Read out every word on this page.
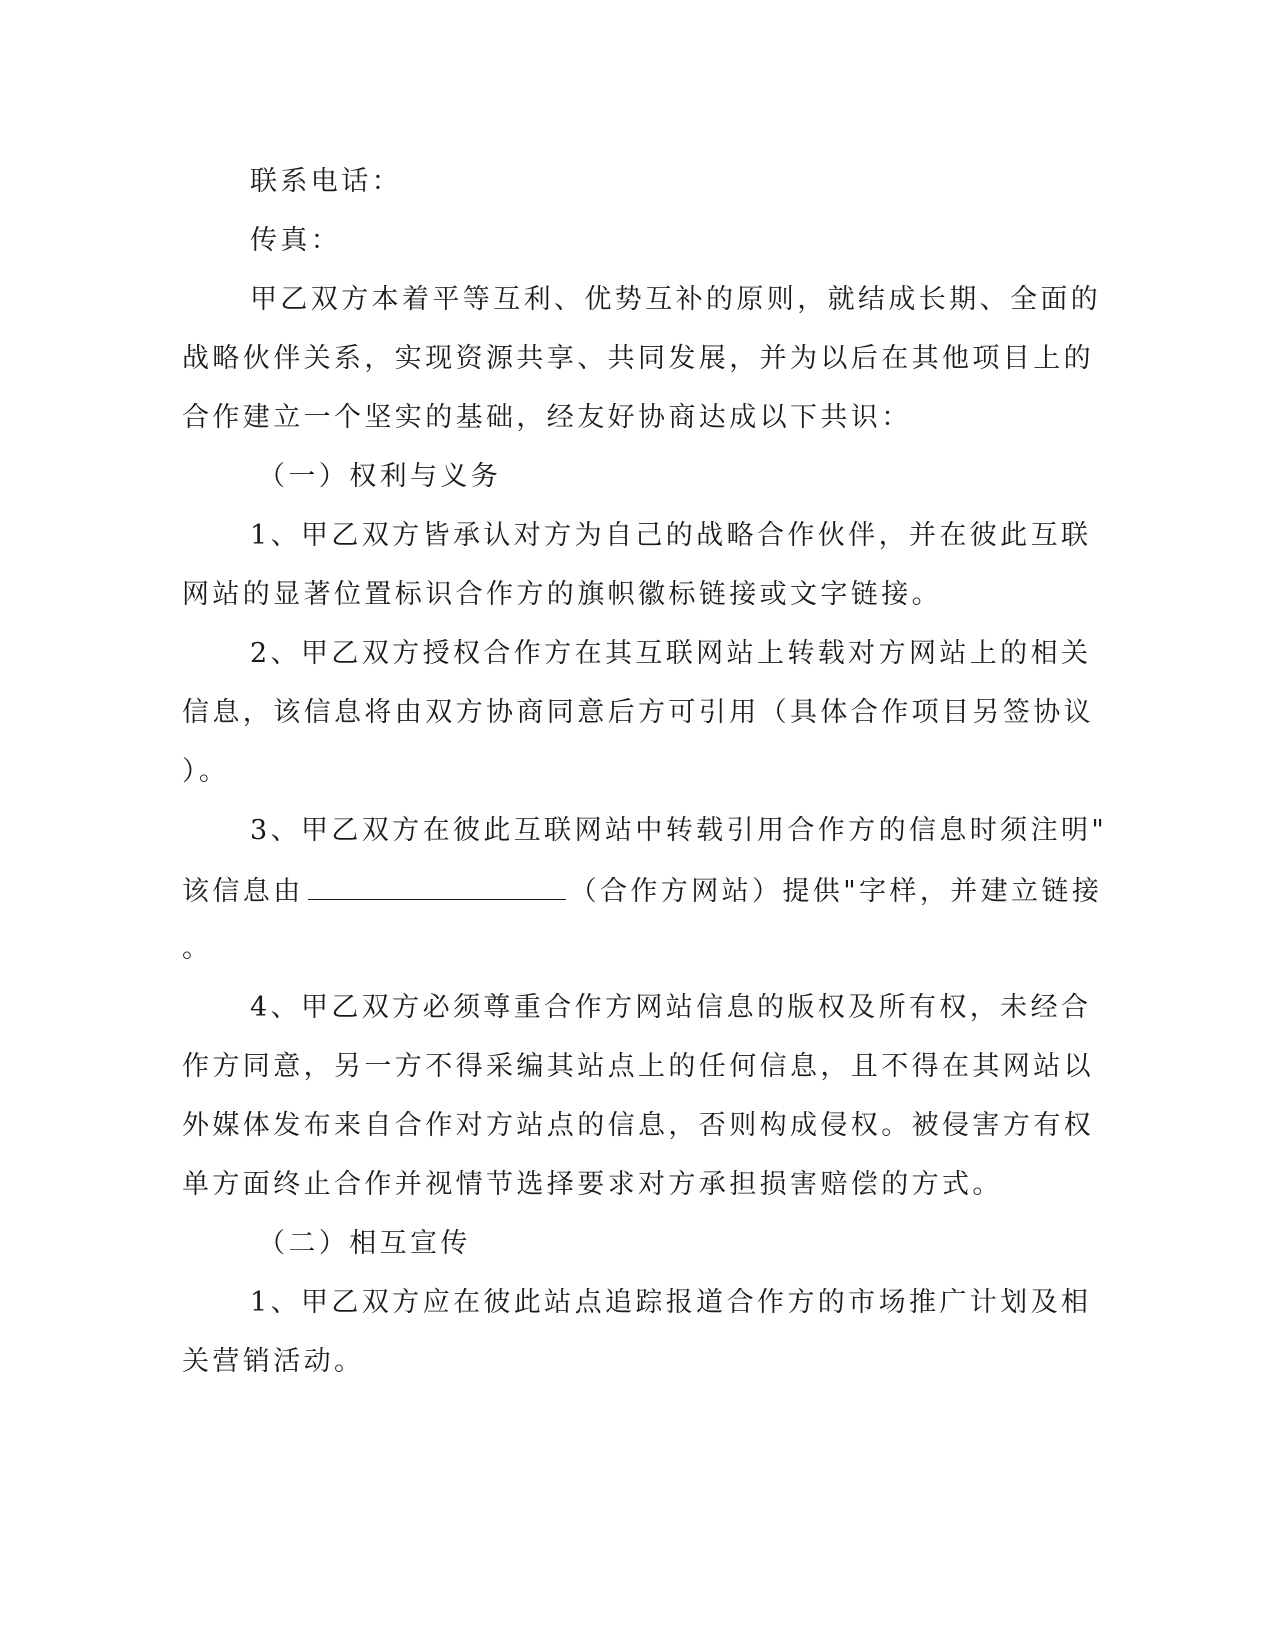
联系电话：
传真：
甲乙双方本着平等互利、优势互补的原则，就结成长期、全面的
战略伙伴关系，实现资源共享、共同发展，并为以后在其他项目上的
合作建立一个坚实的基础，经友好协商达成以下共识：
（一）权利与义务
1、甲乙双方皆承认对方为自己的战略合作伙伴，并在彼此互联
网站的显著位置标识合作方的旗帜徽标链接或文字链接。
2、甲乙双方授权合作方在其互联网站上转载对方网站上的相关
信息，该信息将由双方协商同意后方可引用（具体合作项目另签协议
）。
3、甲乙双方在彼此互联网站中转载引用合作方的信息时须注明"
该信息由	（合作方网站）提供"字样，并建立链接
。
4、甲乙双方必须尊重合作方网站信息的版权及所有权，未经合
作方同意，另一方不得采编其站点上的任何信息，且不得在其网站以
外媒体发布来自合作对方站点的信息，否则构成侵权。被侵害方有权
单方面终止合作并视情节选择要求对方承担损害赔偿的方式。
（二）相互宣传
1、甲乙双方应在彼此站点追踪报道合作方的市场推广计划及相
关营销活动。
